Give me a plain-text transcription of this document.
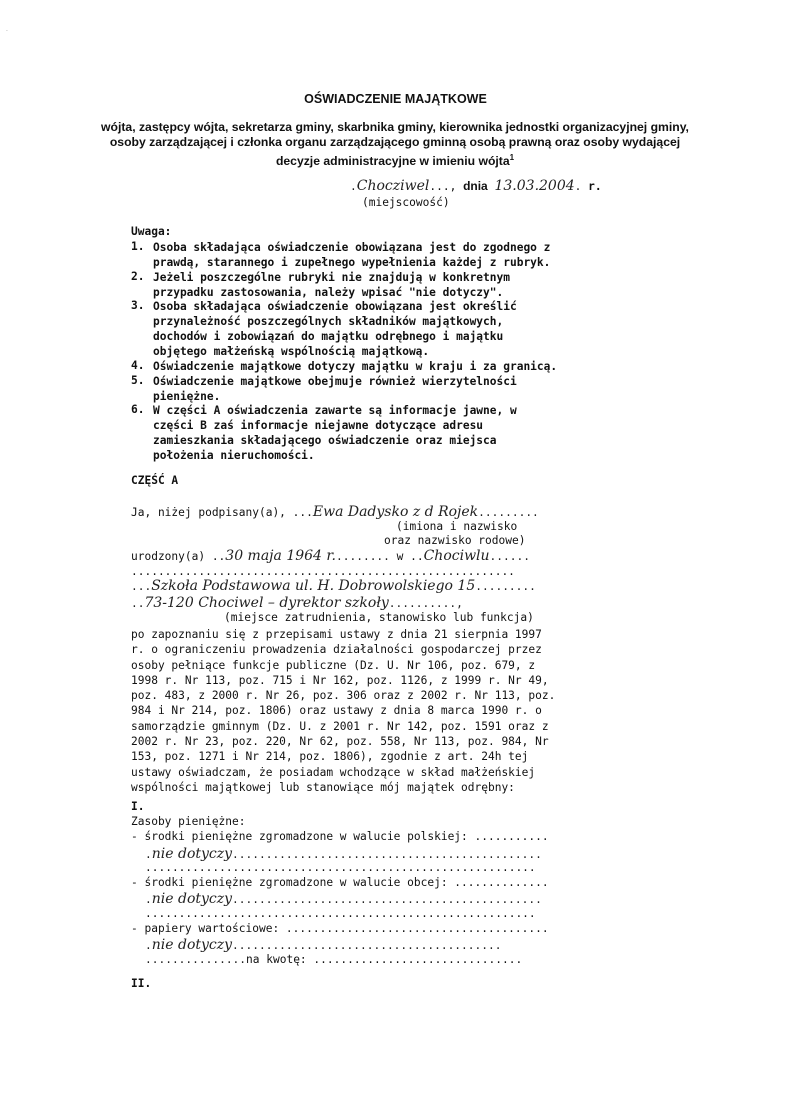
·
OŚWIADCZENIE MAJĄTKOWE
wójta, zastępcy wójta, sekretarza gminy, skarbnika gminy, kierownika jednostki organizacyjnej gminy, osoby zarządzającej i członka organu zarządzającego gminną osobą prawną oraz osoby wydającej decyzje administracyjne w imieniu wójta$^1$
.Chocziwel..., dnia 13.03.2004. r.
(miejscowość)
Uwaga:
1. Osoba składająca oświadczenie obowiązana jest do zgodnego z
prawdą, starannego i zupełnego wypełnienia każdej z rubryk.
2. Jeżeli poszczególne rubryki nie znajdują w konkretnym
przypadku zastosowania, należy wpisać "nie dotyczy".
3. Osoba składająca oświadczenie obowiązana jest określić
przynależność poszczególnych składników majątkowych,
dochodów i zobowiązań do majątku odrębnego i majątku
objętego małżeńską wspólnością majątkową.
4. Oświadczenie majątkowe dotyczy majątku w kraju i za granicą.
5. Oświadczenie majątkowe obejmuje również wierzytelności
pieniężne.
6. W części A oświadczenia zawarte są informacje jawne, w
części B zaś informacje niejawne dotyczące adresu
zamieszkania składającego oświadczenie oraz miejsca
położenia nieruchomości.
CZĘŚĆ A
Ja, niżej podpisany(a), ...Ewa Dadysko z d Rojek.........
(imiona i nazwisko
oraz nazwisko rodowe)
urodzony(a) ..30 maja 1964 r......... w ..Chociwlu......
.........................................................
...Szkoła Podstawowa ul. H. Dobrowolskiego 15.........
..73-120 Chociwel – dyrektor szkoły..........,
(miejsce zatrudnienia, stanowisko lub funkcja)
po zapoznaniu się z przepisami ustawy z dnia 21 sierpnia 1997
r. o ograniczeniu prowadzenia działalności gospodarczej przez
osoby pełniące funkcje publiczne (Dz. U. Nr 106, poz. 679, z
1998 r. Nr 113, poz. 715 i Nr 162, poz. 1126, z 1999 r. Nr 49,
poz. 483, z 2000 r. Nr 26, poz. 306 oraz z 2002 r. Nr 113, poz.
984 i Nr 214, poz. 1806) oraz ustawy z dnia 8 marca 1990 r. o
samorządzie gminnym (Dz. U. z 2001 r. Nr 142, poz. 1591 oraz z
2002 r. Nr 23, poz. 220, Nr 62, poz. 558, Nr 113, poz. 984, Nr
153, poz. 1271 i Nr 214, poz. 1806), zgodnie z art. 24h tej
ustawy oświadczam, że posiadam wchodzące w skład małżeńskiej
wspólności majątkowej lub stanowiące mój majątek odrębny:
I.
Zasoby pieniężne:
- środki pieniężne zgromadzone w walucie polskiej: ...........
.nie dotyczy..............................................
..........................................................
- środki pieniężne zgromadzone w walucie obcej: ..............
.nie dotyczy..............................................
..........................................................
- papiery wartościowe: .......................................
.nie dotyczy........................................
...............na kwotę: ...............................
II.
